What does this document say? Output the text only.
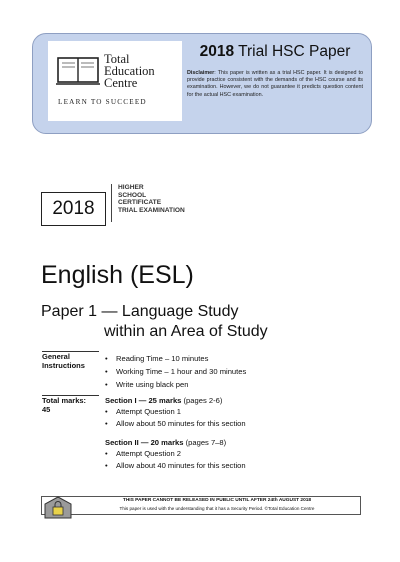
Total
Education
Centre
LEARN TO SUCCEED
2018 Trial HSC Paper
Disclaimer: This paper is written as a trial HSC paper. It is designed to provide practice consistent with the demands of the HSC course and its examination. However, we do not guarantee it predicts question content for the actual HSC examination.
2018
HIGHER
SCHOOL
CERTIFICATE
TRIAL EXAMINATION
English (ESL)
Paper 1 — Language Study
within an Area of Study
General
Instructions
• Reading Time – 10 minutes
• Working Time – 1 hour and 30 minutes
• Write using black pen
Total marks:
45
Section I — 25 marks (pages 2-6)
• Attempt Question 1
• Allow about 50 minutes for this section
Section II — 20 marks (pages 7–8)
• Attempt Question 2
• Allow about 40 minutes for this section
THIS PAPER CANNOT BE RELEASED IN PUBLIC UNTIL AFTER 24th AUGUST 2018
This paper is used with the understanding that it has a Security Period. ©Total Education Centre
